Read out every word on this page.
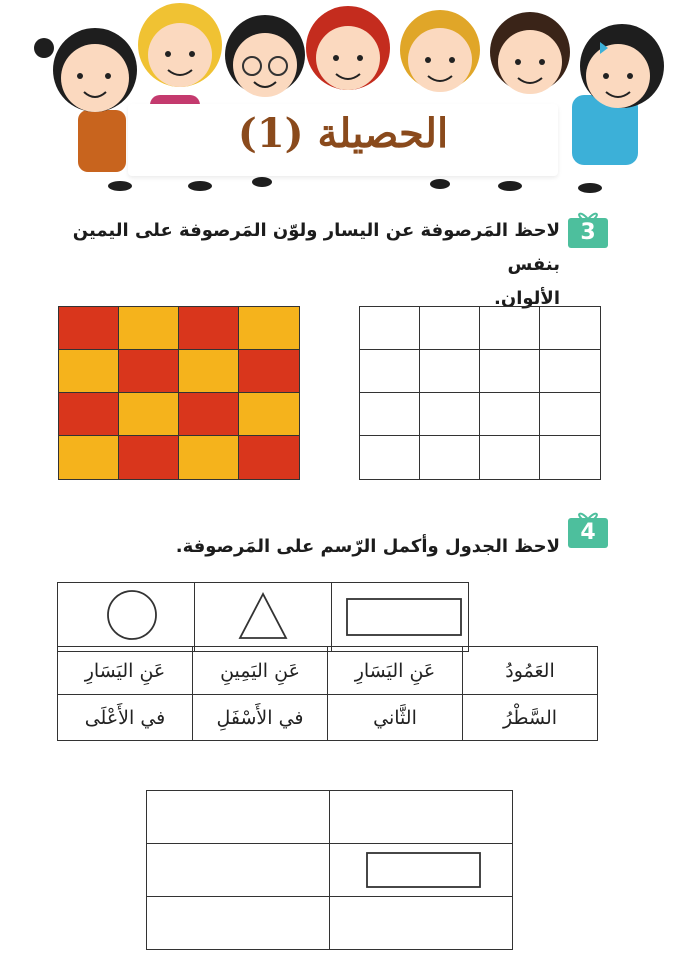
الحصيلة (1)
3
لاحظ المَرصوفة عن اليسار ولوّن المَرصوفة على اليمين بنفس
الألوان.
4
لاحظ الجدول وأكمل الرّسم على المَرصوفة.

العَمُودُ	عَنِ اليَسَارِ	عَنِ اليَمِينِ	عَنِ اليَسَارِ
السَّطْرُ	الثَّاني	في الأَسْفَلِ	في الأَعْلَى
